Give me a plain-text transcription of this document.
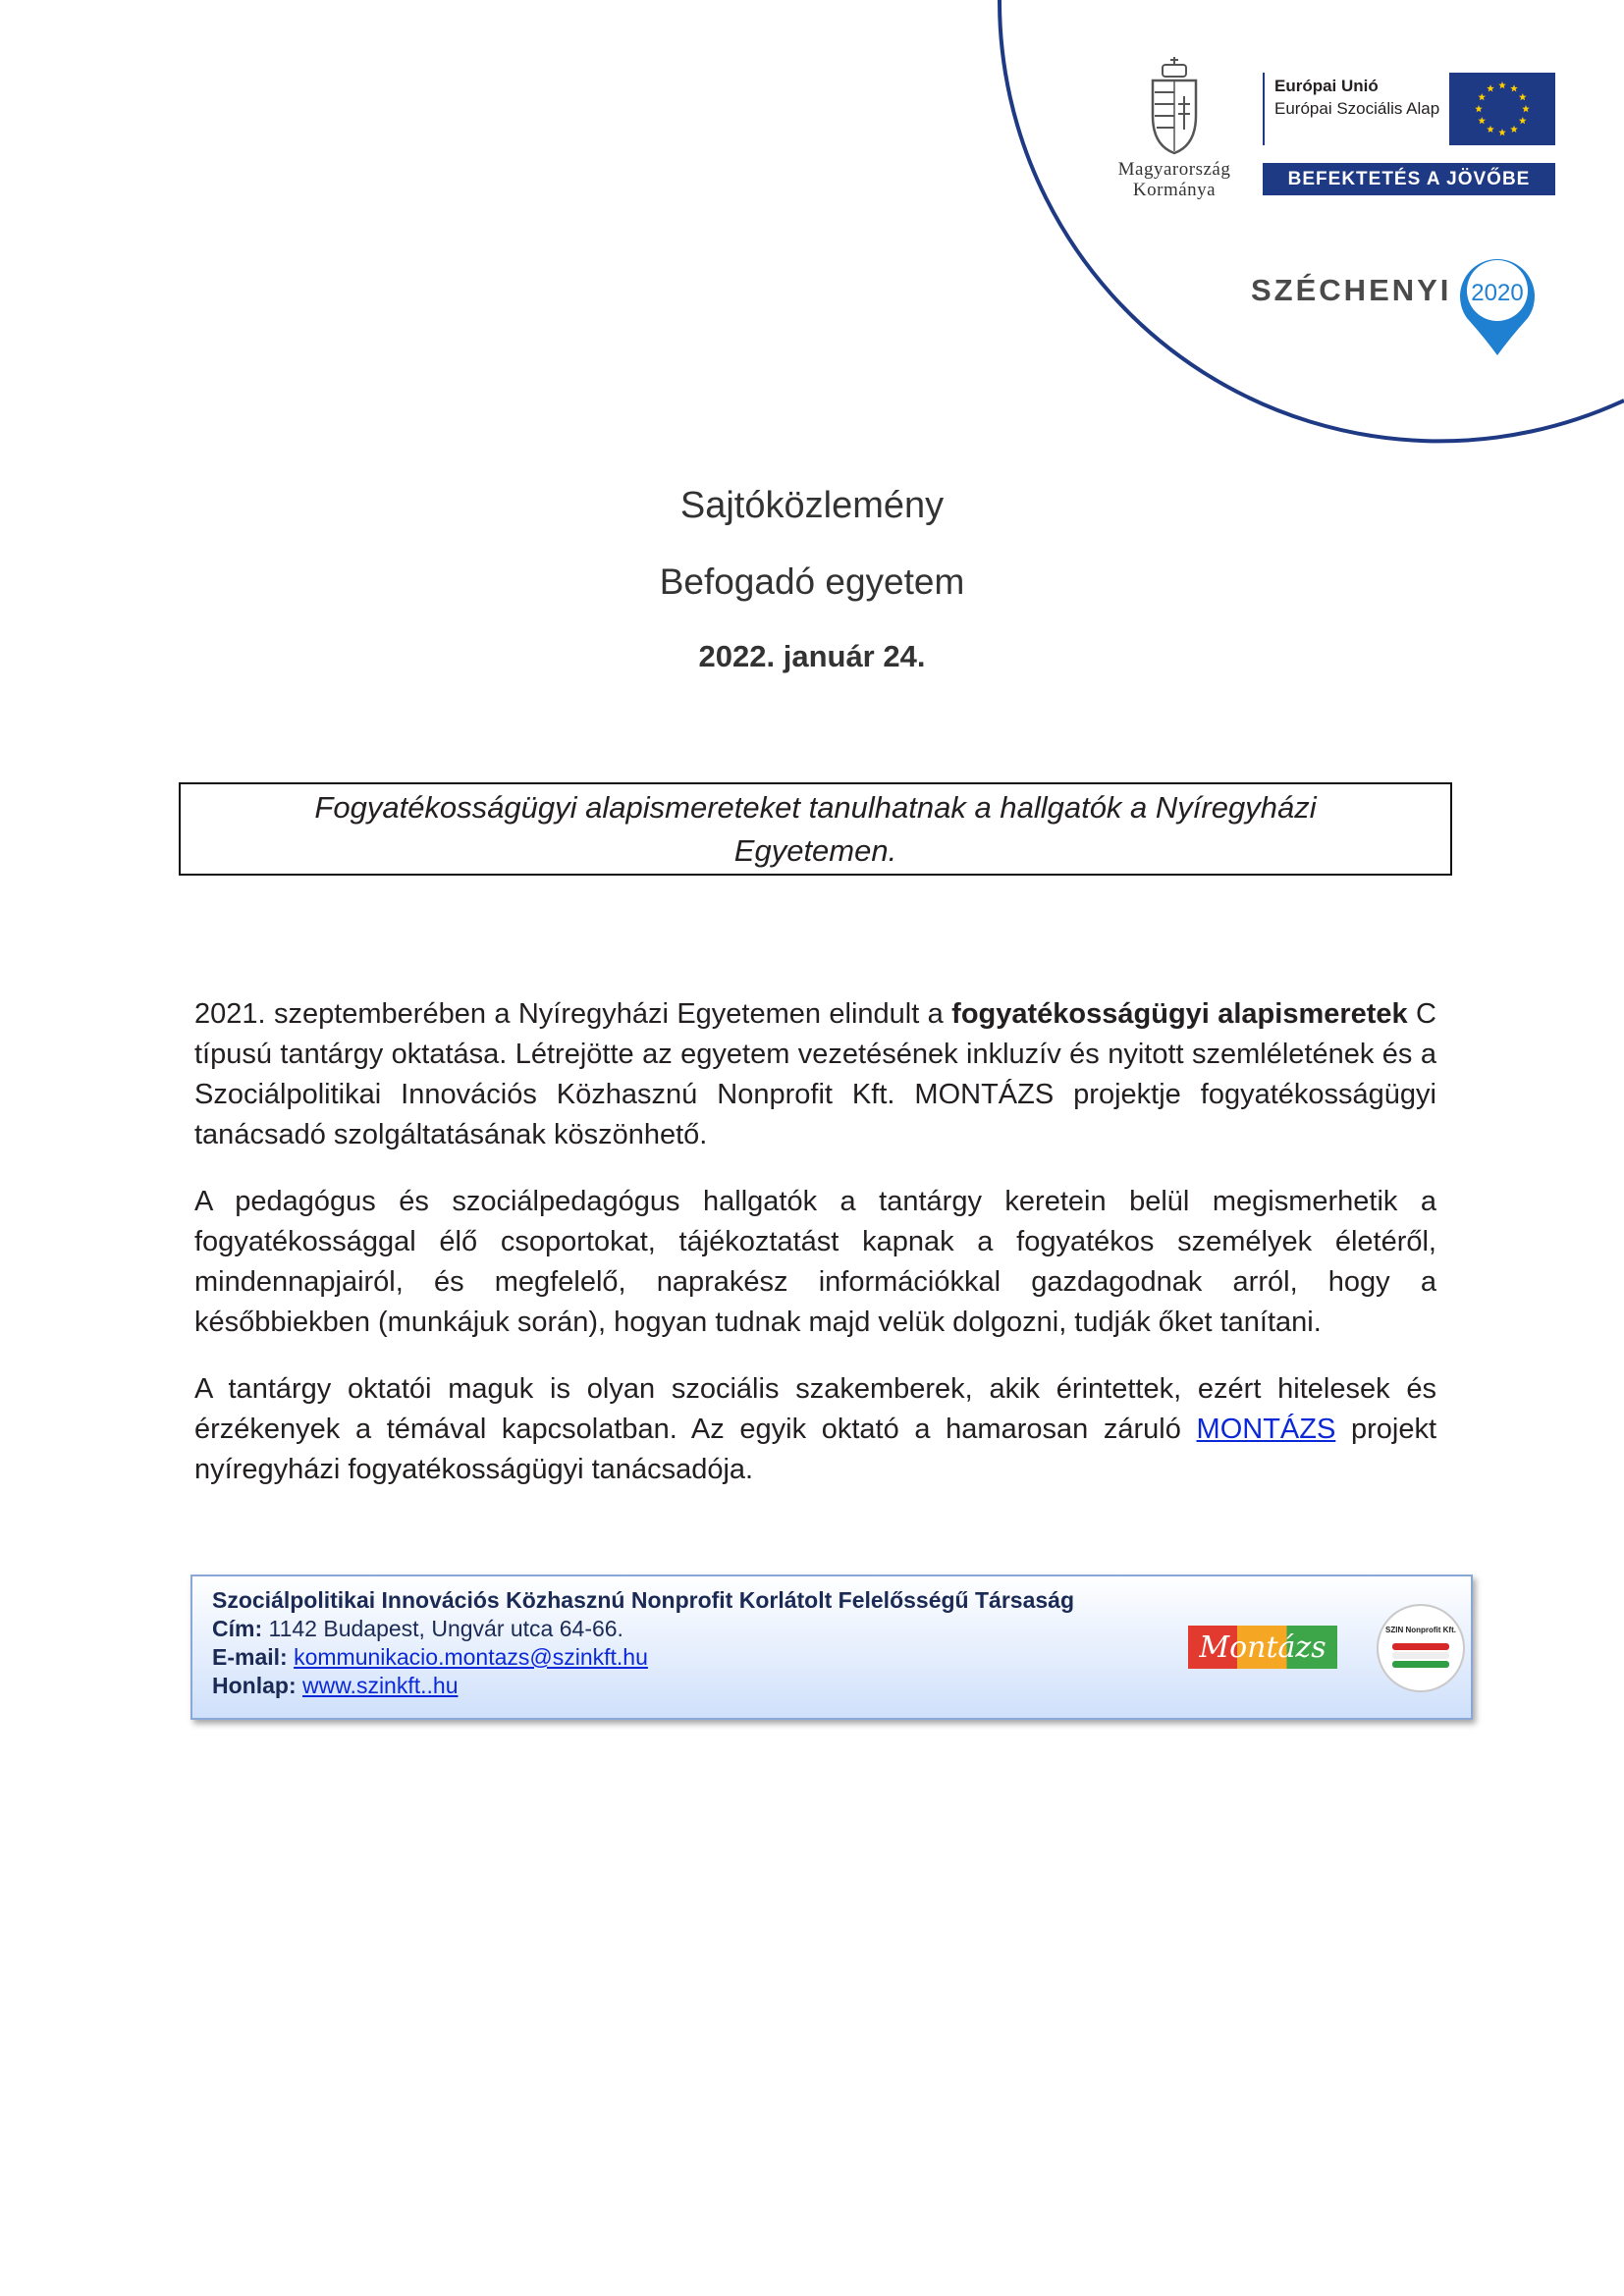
Magyarország
Kormánya
Európai Unió
Európai Szociális Alap
BEFEKTETÉS A JÖVŐBE
SZÉCHENYI 2020
Sajtóközlemény
Befogadó egyetem
2022. január 24.
Fogyatékosságügyi alapismereteket tanulhatnak a hallgatók a Nyíregyházi Egyetemen.

2021. szeptemberében a Nyíregyházi Egyetemen elindult a fogyatékosságügyi alapismeretek C típusú tantárgy oktatása. Létrejötte az egyetem vezetésének inkluzív és nyitott szemléletének és a Szociálpolitikai Innovációs Közhasznú Nonprofit Kft. MONTÁZS projektje fogyatékosságügyi tanácsadó szolgáltatásának köszönhető.

A pedagógus és szociálpedagógus hallgatók a tantárgy keretein belül megismerhetik a fogyatékossággal élő csoportokat, tájékoztatást kapnak a fogyatékos személyek életéről, mindennapjairól, és megfelelő, naprakész információkkal gazdagodnak arról, hogy a későbbiekben (munkájuk során), hogyan tudnak majd velük dolgozni, tudják őket tanítani.

A tantárgy oktatói maguk is olyan szociális szakemberek, akik érintettek, ezért hitelesek és érzékenyek a témával kapcsolatban. Az egyik oktató a hamarosan záruló MONTÁZS projekt nyíregyházi fogyatékosságügyi tanácsadója.

Szociálpolitikai Innovációs Közhasznú Nonprofit Korlátolt Felelősségű Társaság
Cím: 1142 Budapest, Ungvár utca 64-66.
E-mail: kommunikacio.montazs@szinkft.hu
Honlap: www.szinkft..hu
Montázs	SZIN Nonprofit Kft.
